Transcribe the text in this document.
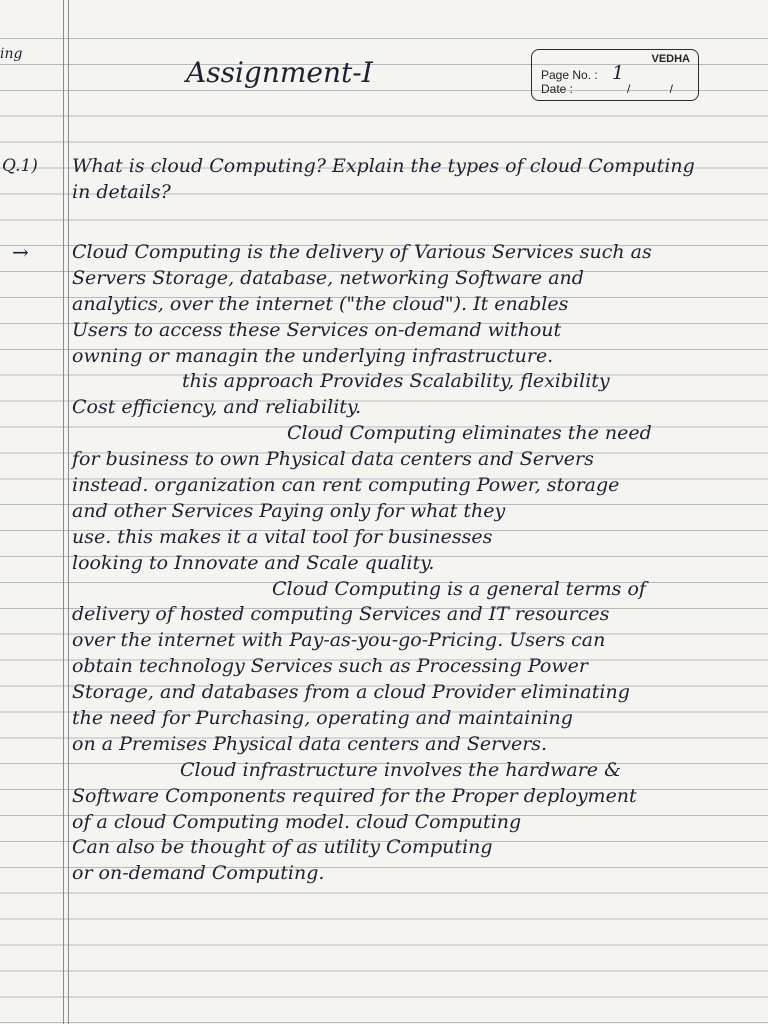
ing
Assignment-I	VEDHA
Page No. : 1
Date :	/ /
Q.1) What is cloud Computing? Explain the types of cloud Computing
in details?
→ Cloud Computing is the delivery of Various Services such as
Servers Storage, database, networking Software and
analytics, over the internet ("the cloud"). It enables
Users to access these Services on-demand without
owning or managin the underlying infrastructure.
this approach Provides Scalability, flexibility
Cost efficiency, and reliability.
Cloud Computing eliminates the need
for business to own Physical data centers and Servers
instead. organization can rent computing Power, storage
and other Services Paying only for what they
use. this makes it a vital tool for businesses
looking to Innovate and Scale quality.
Cloud Computing is a general terms of
delivery of hosted computing Services and IT resources
over the internet with Pay-as-you-go-Pricing. Users can
obtain technology Services such as Processing Power
Storage, and databases from a cloud Provider eliminating
the need for Purchasing, operating and maintaining
on a Premises Physical data centers and Servers.
Cloud infrastructure involves the hardware &
Software Components required for the Proper deployment
of a cloud Computing model. cloud Computing
Can also be thought of as utility Computing
or on-demand Computing.
